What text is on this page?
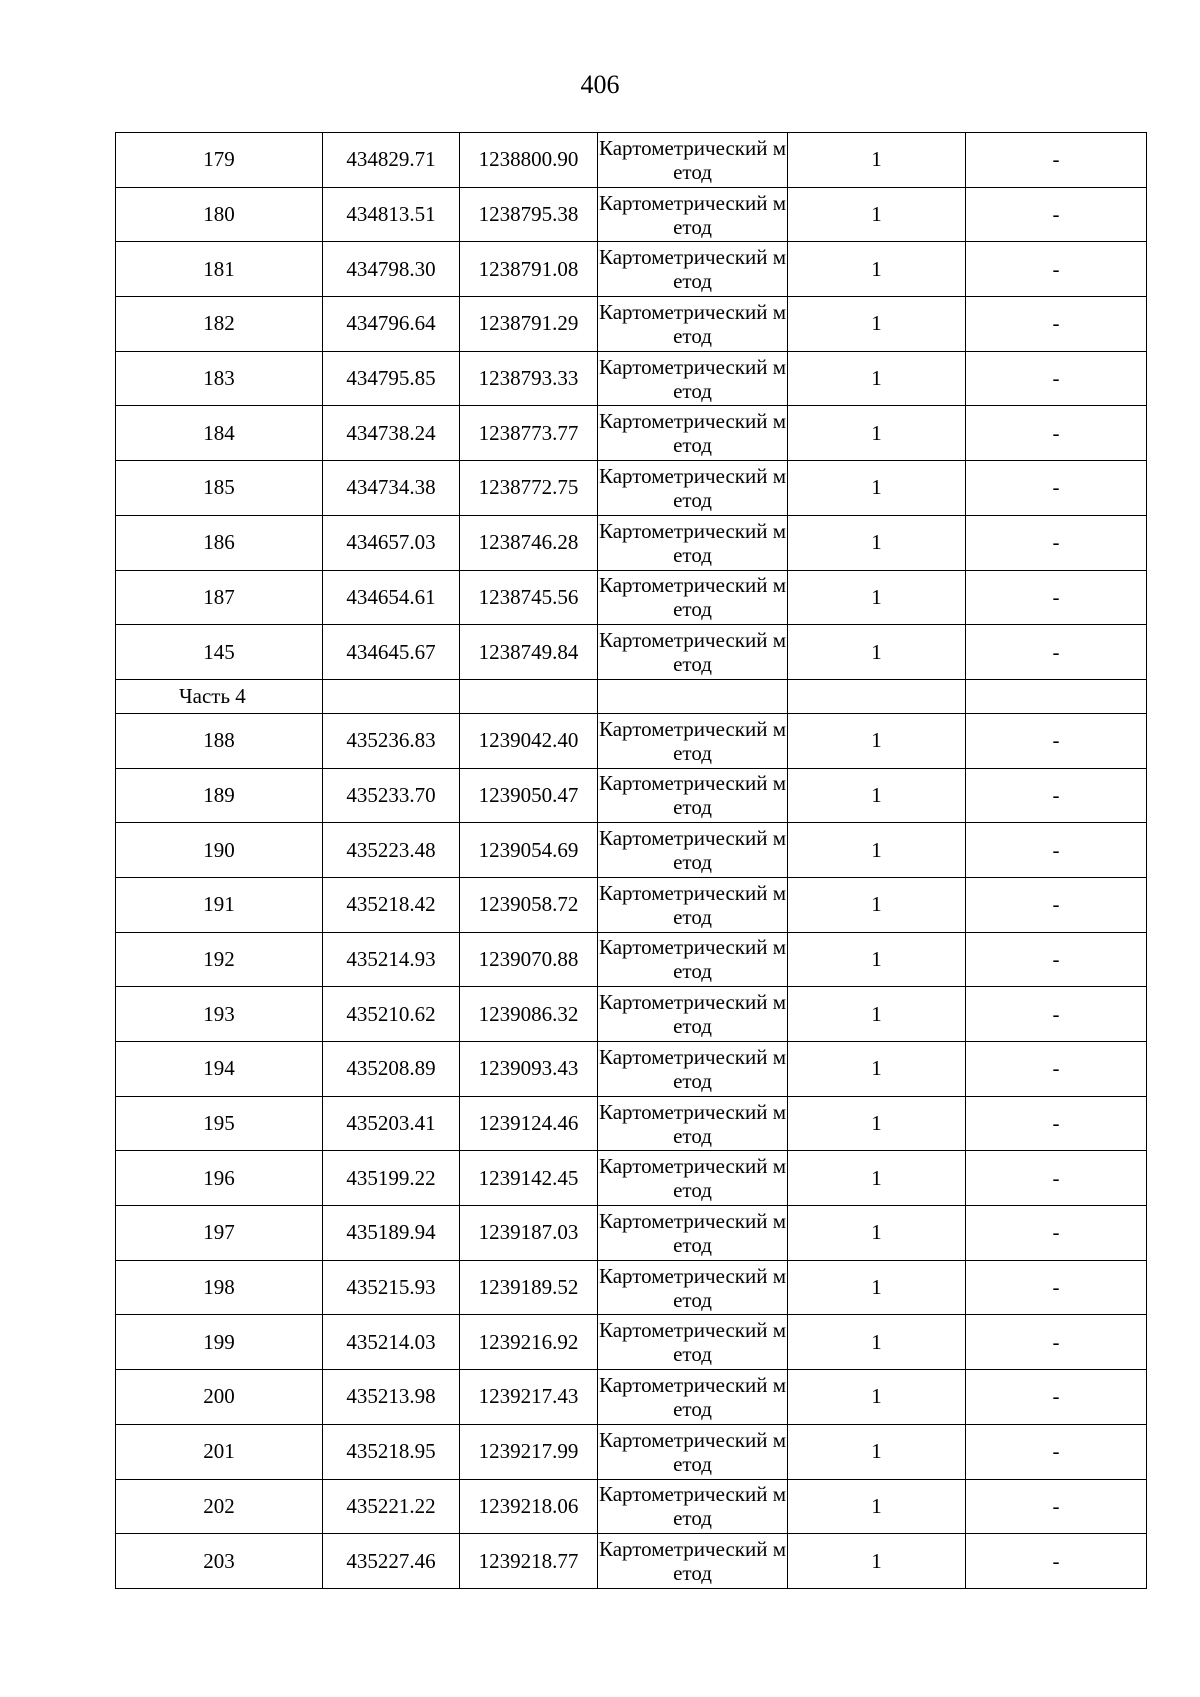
406
179	434829.71	1238800.90	Картометрический метод	1	-
180	434813.51	1238795.38	Картометрический метод	1	-
181	434798.30	1238791.08	Картометрический метод	1	-
182	434796.64	1238791.29	Картометрический метод	1	-
183	434795.85	1238793.33	Картометрический метод	1	-
184	434738.24	1238773.77	Картометрический метод	1	-
185	434734.38	1238772.75	Картометрический метод	1	-
186	434657.03	1238746.28	Картометрический метод	1	-
187	434654.61	1238745.56	Картометрический метод	1	-
145	434645.67	1238749.84	Картометрический метод	1	-
Часть 4					
188	435236.83	1239042.40	Картометрический метод	1	-
189	435233.70	1239050.47	Картометрический метод	1	-
190	435223.48	1239054.69	Картометрический метод	1	-
191	435218.42	1239058.72	Картометрический метод	1	-
192	435214.93	1239070.88	Картометрический метод	1	-
193	435210.62	1239086.32	Картометрический метод	1	-
194	435208.89	1239093.43	Картометрический метод	1	-
195	435203.41	1239124.46	Картометрический метод	1	-
196	435199.22	1239142.45	Картометрический метод	1	-
197	435189.94	1239187.03	Картометрический метод	1	-
198	435215.93	1239189.52	Картометрический метод	1	-
199	435214.03	1239216.92	Картометрический метод	1	-
200	435213.98	1239217.43	Картометрический метод	1	-
201	435218.95	1239217.99	Картометрический метод	1	-
202	435221.22	1239218.06	Картометрический метод	1	-
203	435227.46	1239218.77	Картометрический метод	1	-
